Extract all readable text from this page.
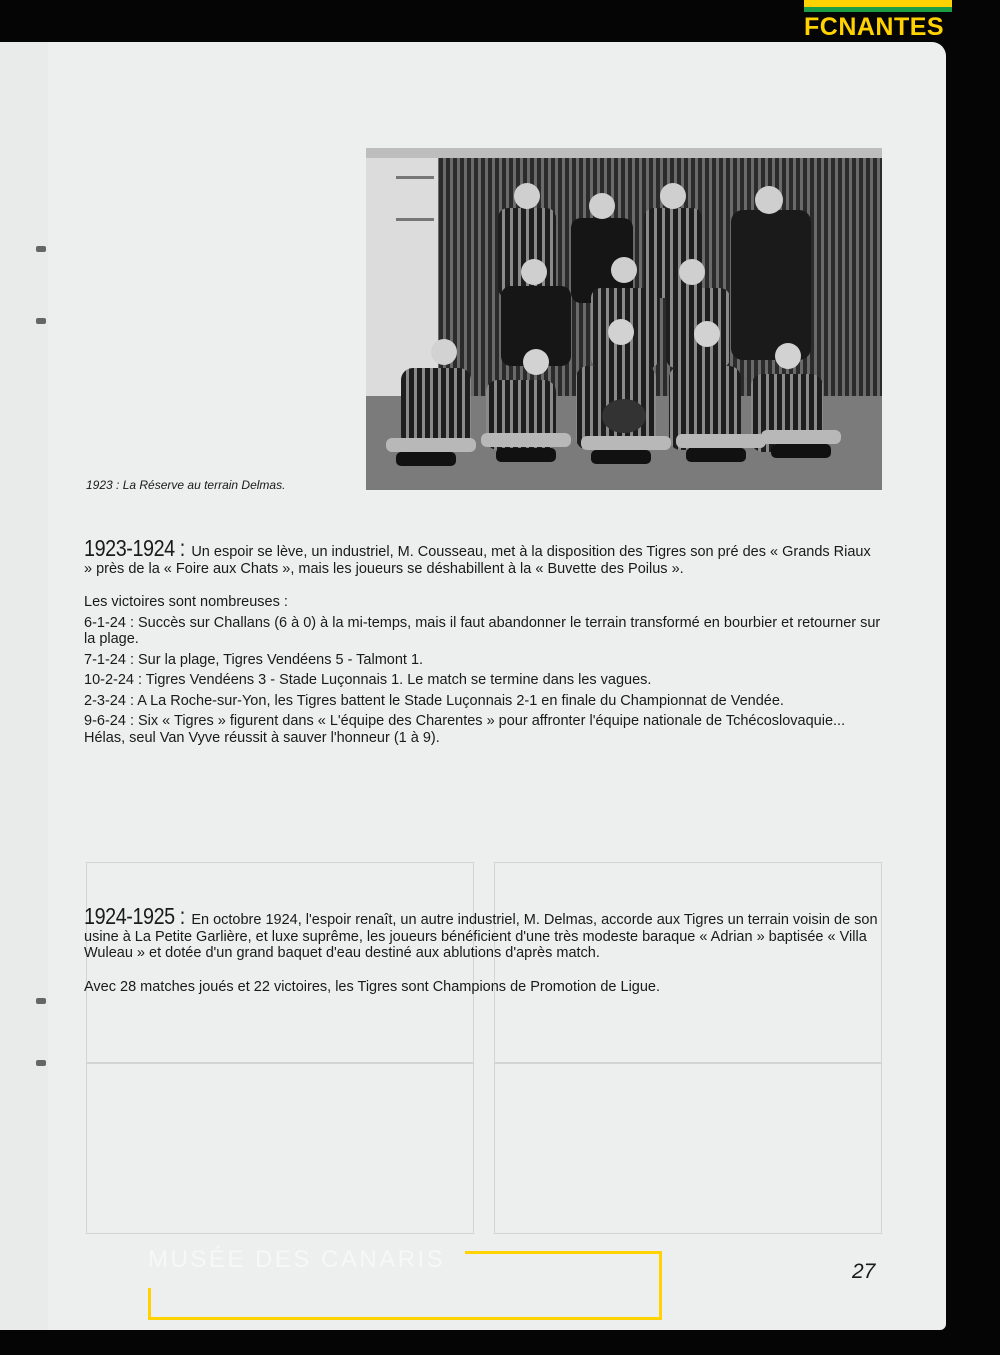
FCNANTES
1923 : La Réserve au terrain Delmas.

1923-1924 : Un espoir se lève, un industriel, M. Cousseau, met à la disposition des Tigres son pré des « Grands Riaux » près de la « Foire aux Chats », mais les joueurs se déshabillent à la « Buvette des Poilus ».

Les victoires sont nombreuses :

6-1-24 : Succès sur Challans (6 à 0) à la mi-temps, mais il faut abandonner le terrain transformé en bourbier et retourner sur la plage.

7-1-24 : Sur la plage, Tigres Vendéens 5 - Talmont 1.

10-2-24 : Tigres Vendéens 3 - Stade Luçonnais 1. Le match se termine dans les vagues.

2-3-24 : A La Roche-sur-Yon, les Tigres battent le Stade Luçonnais 2-1 en finale du Championnat de Vendée.

9-6-24 : Six « Tigres » figurent dans « L'équipe des Charentes » pour affronter l'équipe nationale de Tchécoslovaquie... Hélas, seul Van Vyve réussit à sauver l'honneur (1 à 9).

1924-1925 : En octobre 1924, l'espoir renaît, un autre industriel, M. Delmas, accorde aux Tigres un terrain voisin de son usine à La Petite Garlière, et luxe suprême, les joueurs bénéficient d'une très modeste baraque « Adrian » baptisée « Villa Wuleau » et dotée d'un grand baquet d'eau destiné aux ablutions d'après match.

Avec 28 matches joués et 22 victoires, les Tigres sont Champions de Promotion de Ligue.

27
MUSÉE DES CANARIS
